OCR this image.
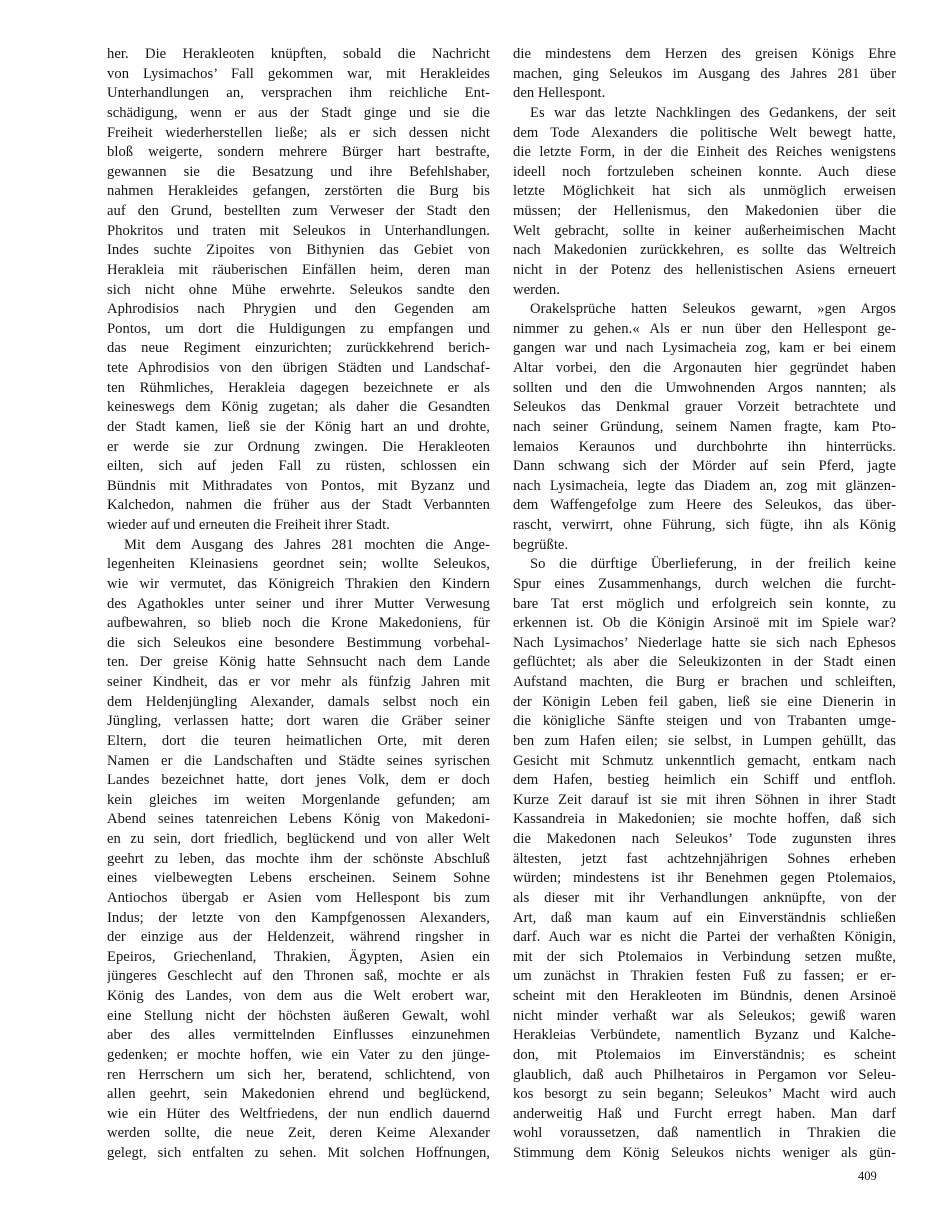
her. Die Herakleoten knüpften, sobald die Nachricht
von Lysimachos’ Fall gekommen war, mit Herakleides
Unterhandlungen an, versprachen ihm reichliche Ent-
schädigung, wenn er aus der Stadt ginge und sie die
Freiheit wiederherstellen ließe; als er sich dessen nicht
bloß weigerte, sondern mehrere Bürger hart bestrafte,
gewannen sie die Besatzung und ihre Befehlshaber,
nahmen Herakleides gefangen, zerstörten die Burg bis
auf den Grund, bestellten zum Verweser der Stadt den
Phokritos und traten mit Seleukos in Unterhandlungen.
Indes suchte Zipoites von Bithynien das Gebiet von
Herakleia mit räuberischen Einfällen heim, deren man
sich nicht ohne Mühe erwehrte. Seleukos sandte den
Aphrodisios nach Phrygien und den Gegenden am
Pontos, um dort die Huldigungen zu empfangen und
das neue Regiment einzurichten; zurückkehrend berich-
tete Aphrodisios von den übrigen Städten und Landschaf-
ten Rühmliches, Herakleia dagegen bezeichnete er als
keineswegs dem König zugetan; als daher die Gesandten
der Stadt kamen, ließ sie der König hart an und drohte,
er werde sie zur Ordnung zwingen. Die Herakleoten
eilten, sich auf jeden Fall zu rüsten, schlossen ein
Bündnis mit Mithradates von Pontos, mit Byzanz und
Kalchedon, nahmen die früher aus der Stadt Verbannten
wieder auf und erneuten die Freiheit ihrer Stadt.
Mit dem Ausgang des Jahres 281 mochten die Ange-
legenheiten Kleinasiens geordnet sein; wollte Seleukos,
wie wir vermutet, das Königreich Thrakien den Kindern
des Agathokles unter seiner und ihrer Mutter Verwesung
aufbewahren, so blieb noch die Krone Makedoniens, für
die sich Seleukos eine besondere Bestimmung vorbehal-
ten. Der greise König hatte Sehnsucht nach dem Lande
seiner Kindheit, das er vor mehr als fünfzig Jahren mit
dem Heldenjüngling Alexander, damals selbst noch ein
Jüngling, verlassen hatte; dort waren die Gräber seiner
Eltern, dort die teuren heimatlichen Orte, mit deren
Namen er die Landschaften und Städte seines syrischen
Landes bezeichnet hatte, dort jenes Volk, dem er doch
kein gleiches im weiten Morgenlande gefunden; am
Abend seines tatenreichen Lebens König von Makedoni-
en zu sein, dort friedlich, beglückend und von aller Welt
geehrt zu leben, das mochte ihm der schönste Abschluß
eines vielbewegten Lebens erscheinen. Seinem Sohne
Antiochos übergab er Asien vom Hellespont bis zum
Indus; der letzte von den Kampfgenossen Alexanders,
der einzige aus der Heldenzeit, während ringsher in
Epeiros, Griechenland, Thrakien, Ägypten, Asien ein
jüngeres Geschlecht auf den Thronen saß, mochte er als
König des Landes, von dem aus die Welt erobert war,
eine Stellung nicht der höchsten äußeren Gewalt, wohl
aber des alles vermittelnden Einflusses einzunehmen
gedenken; er mochte hoffen, wie ein Vater zu den jünge-
ren Herrschern um sich her, beratend, schlichtend, von
allen geehrt, sein Makedonien ehrend und beglückend,
wie ein Hüter des Weltfriedens, der nun endlich dauernd
werden sollte, die neue Zeit, deren Keime Alexander
gelegt, sich entfalten zu sehen. Mit solchen Hoffnungen,
die mindestens dem Herzen des greisen Königs Ehre
machen, ging Seleukos im Ausgang des Jahres 281 über
den Hellespont.
Es war das letzte Nachklingen des Gedankens, der seit
dem Tode Alexanders die politische Welt bewegt hatte,
die letzte Form, in der die Einheit des Reiches wenigstens
ideell noch fortzuleben scheinen konnte. Auch diese
letzte Möglichkeit hat sich als unmöglich erweisen
müssen; der Hellenismus, den Makedonien über die
Welt gebracht, sollte in keiner außerheimischen Macht
nach Makedonien zurückkehren, es sollte das Weltreich
nicht in der Potenz des hellenistischen Asiens erneuert
werden.
Orakelsprüche hatten Seleukos gewarnt, »gen Argos
nimmer zu gehen.« Als er nun über den Hellespont ge-
gangen war und nach Lysimacheia zog, kam er bei einem
Altar vorbei, den die Argonauten hier gegründet haben
sollten und den die Umwohnenden Argos nannten; als
Seleukos das Denkmal grauer Vorzeit betrachtete und
nach seiner Gründung, seinem Namen fragte, kam Pto-
lemaios Keraunos und durchbohrte ihn hinterrücks.
Dann schwang sich der Mörder auf sein Pferd, jagte
nach Lysimacheia, legte das Diadem an, zog mit glänzen-
dem Waffengefolge zum Heere des Seleukos, das über-
rascht, verwirrt, ohne Führung, sich fügte, ihn als König
begrüßte.
So die dürftige Überlieferung, in der freilich keine
Spur eines Zusammenhangs, durch welchen die furcht-
bare Tat erst möglich und erfolgreich sein konnte, zu
erkennen ist. Ob die Königin Arsinoë mit im Spiele war?
Nach Lysimachos’ Niederlage hatte sie sich nach Ephesos
geflüchtet; als aber die Seleukizonten in der Stadt einen
Aufstand machten, die Burg er brachen und schleiften,
der Königin Leben feil gaben, ließ sie eine Dienerin in
die königliche Sänfte steigen und von Trabanten umge-
ben zum Hafen eilen; sie selbst, in Lumpen gehüllt, das
Gesicht mit Schmutz unkenntlich gemacht, entkam nach
dem Hafen, bestieg heimlich ein Schiff und entfloh.
Kurze Zeit darauf ist sie mit ihren Söhnen in ihrer Stadt
Kassandreia in Makedonien; sie mochte hoffen, daß sich
die Makedonen nach Seleukos’ Tode zugunsten ihres
ältesten, jetzt fast achtzehnjährigen Sohnes erheben
würden; mindestens ist ihr Benehmen gegen Ptolemaios,
als dieser mit ihr Verhandlungen anknüpfte, von der
Art, daß man kaum auf ein Einverständnis schließen
darf. Auch war es nicht die Partei der verhaßten Königin,
mit der sich Ptolemaios in Verbindung setzen mußte,
um zunächst in Thrakien festen Fuß zu fassen; er er-
scheint mit den Herakleoten im Bündnis, denen Arsinoë
nicht minder verhaßt war als Seleukos; gewiß waren
Herakleias Verbündete, namentlich Byzanz und Kalche-
don, mit Ptolemaios im Einverständnis; es scheint
glaublich, daß auch Philhetairos in Pergamon vor Seleu-
kos besorgt zu sein begann; Seleukos’ Macht wird auch
anderweitig Haß und Furcht erregt haben. Man darf
wohl voraussetzen, daß namentlich in Thrakien die
Stimmung dem König Seleukos nichts weniger als gün-
409
